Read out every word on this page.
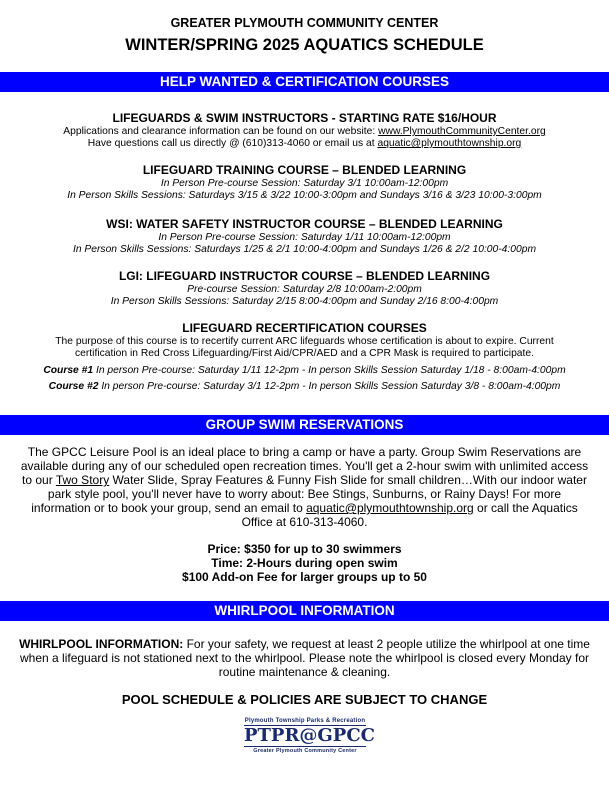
GREATER PLYMOUTH COMMUNITY CENTER
WINTER/SPRING 2025 AQUATICS SCHEDULE
HELP WANTED & CERTIFICATION COURSES
LIFEGUARDS & SWIM INSTRUCTORS - STARTING RATE $16/HOUR
Applications and clearance information can be found on our website: www.PlymouthCommunityCenter.org
Have questions call us directly @ (610)313-4060 or email us at aquatic@plymouthtownship.org
LIFEGUARD TRAINING COURSE – BLENDED LEARNING
In Person Pre-course Session: Saturday 3/1 10:00am-12:00pm
In Person Skills Sessions: Saturdays 3/15 & 3/22 10:00-3:00pm and Sundays 3/16 & 3/23 10:00-3:00pm
WSI: WATER SAFETY INSTRUCTOR COURSE – BLENDED LEARNING
In Person Pre-course Session: Saturday 1/11 10:00am-12:00pm
In Person Skills Sessions: Saturdays 1/25 & 2/1 10:00-4:00pm and Sundays 1/26 & 2/2 10:00-4:00pm
LGI: LIFEGUARD INSTRUCTOR COURSE – BLENDED LEARNING
Pre-course Session: Saturday 2/8 10:00am-2:00pm
In Person Skills Sessions: Saturday 2/15 8:00-4:00pm and Sunday 2/16 8:00-4:00pm
LIFEGUARD RECERTIFICATION COURSES
The purpose of this course is to recertify current ARC lifeguards whose certification is about to expire. Current
certification in Red Cross Lifeguarding/First Aid/CPR/AED and a CPR Mask is required to participate.
Course #1 In person Pre-course: Saturday 1/11 12-2pm - In person Skills Session Saturday 1/18 - 8:00am-4:00pm
Course #2 In person Pre-course: Saturday 3/1 12-2pm - In person Skills Session Saturday 3/8 - 8:00am-4:00pm
GROUP SWIM RESERVATIONS
The GPCC Leisure Pool is an ideal place to bring a camp or have a party. Group Swim Reservations are
available during any of our scheduled open recreation times. You'll get a 2-hour swim with unlimited access
to our Two Story Water Slide, Spray Features & Funny Fish Slide for small children…With our indoor water
park style pool, you'll never have to worry about: Bee Stings, Sunburns, or Rainy Days! For more
information or to book your group, send an email to aquatic@plymouthtownship.org or call the Aquatics
Office at 610-313-4060.
Price: $350 for up to 30 swimmers
Time: 2-Hours during open swim
$100 Add-on Fee for larger groups up to 50
WHIRLPOOL INFORMATION
WHIRLPOOL INFORMATION: For your safety, we request at least 2 people utilize the whirlpool at one time
when a lifeguard is not stationed next to the whirlpool. Please note the whirlpool is closed every Monday for
routine maintenance & cleaning.
POOL SCHEDULE & POLICIES ARE SUBJECT TO CHANGE
Plymouth Township Parks & Recreation
PTPR@GPCC
Greater Plymouth Community Center
